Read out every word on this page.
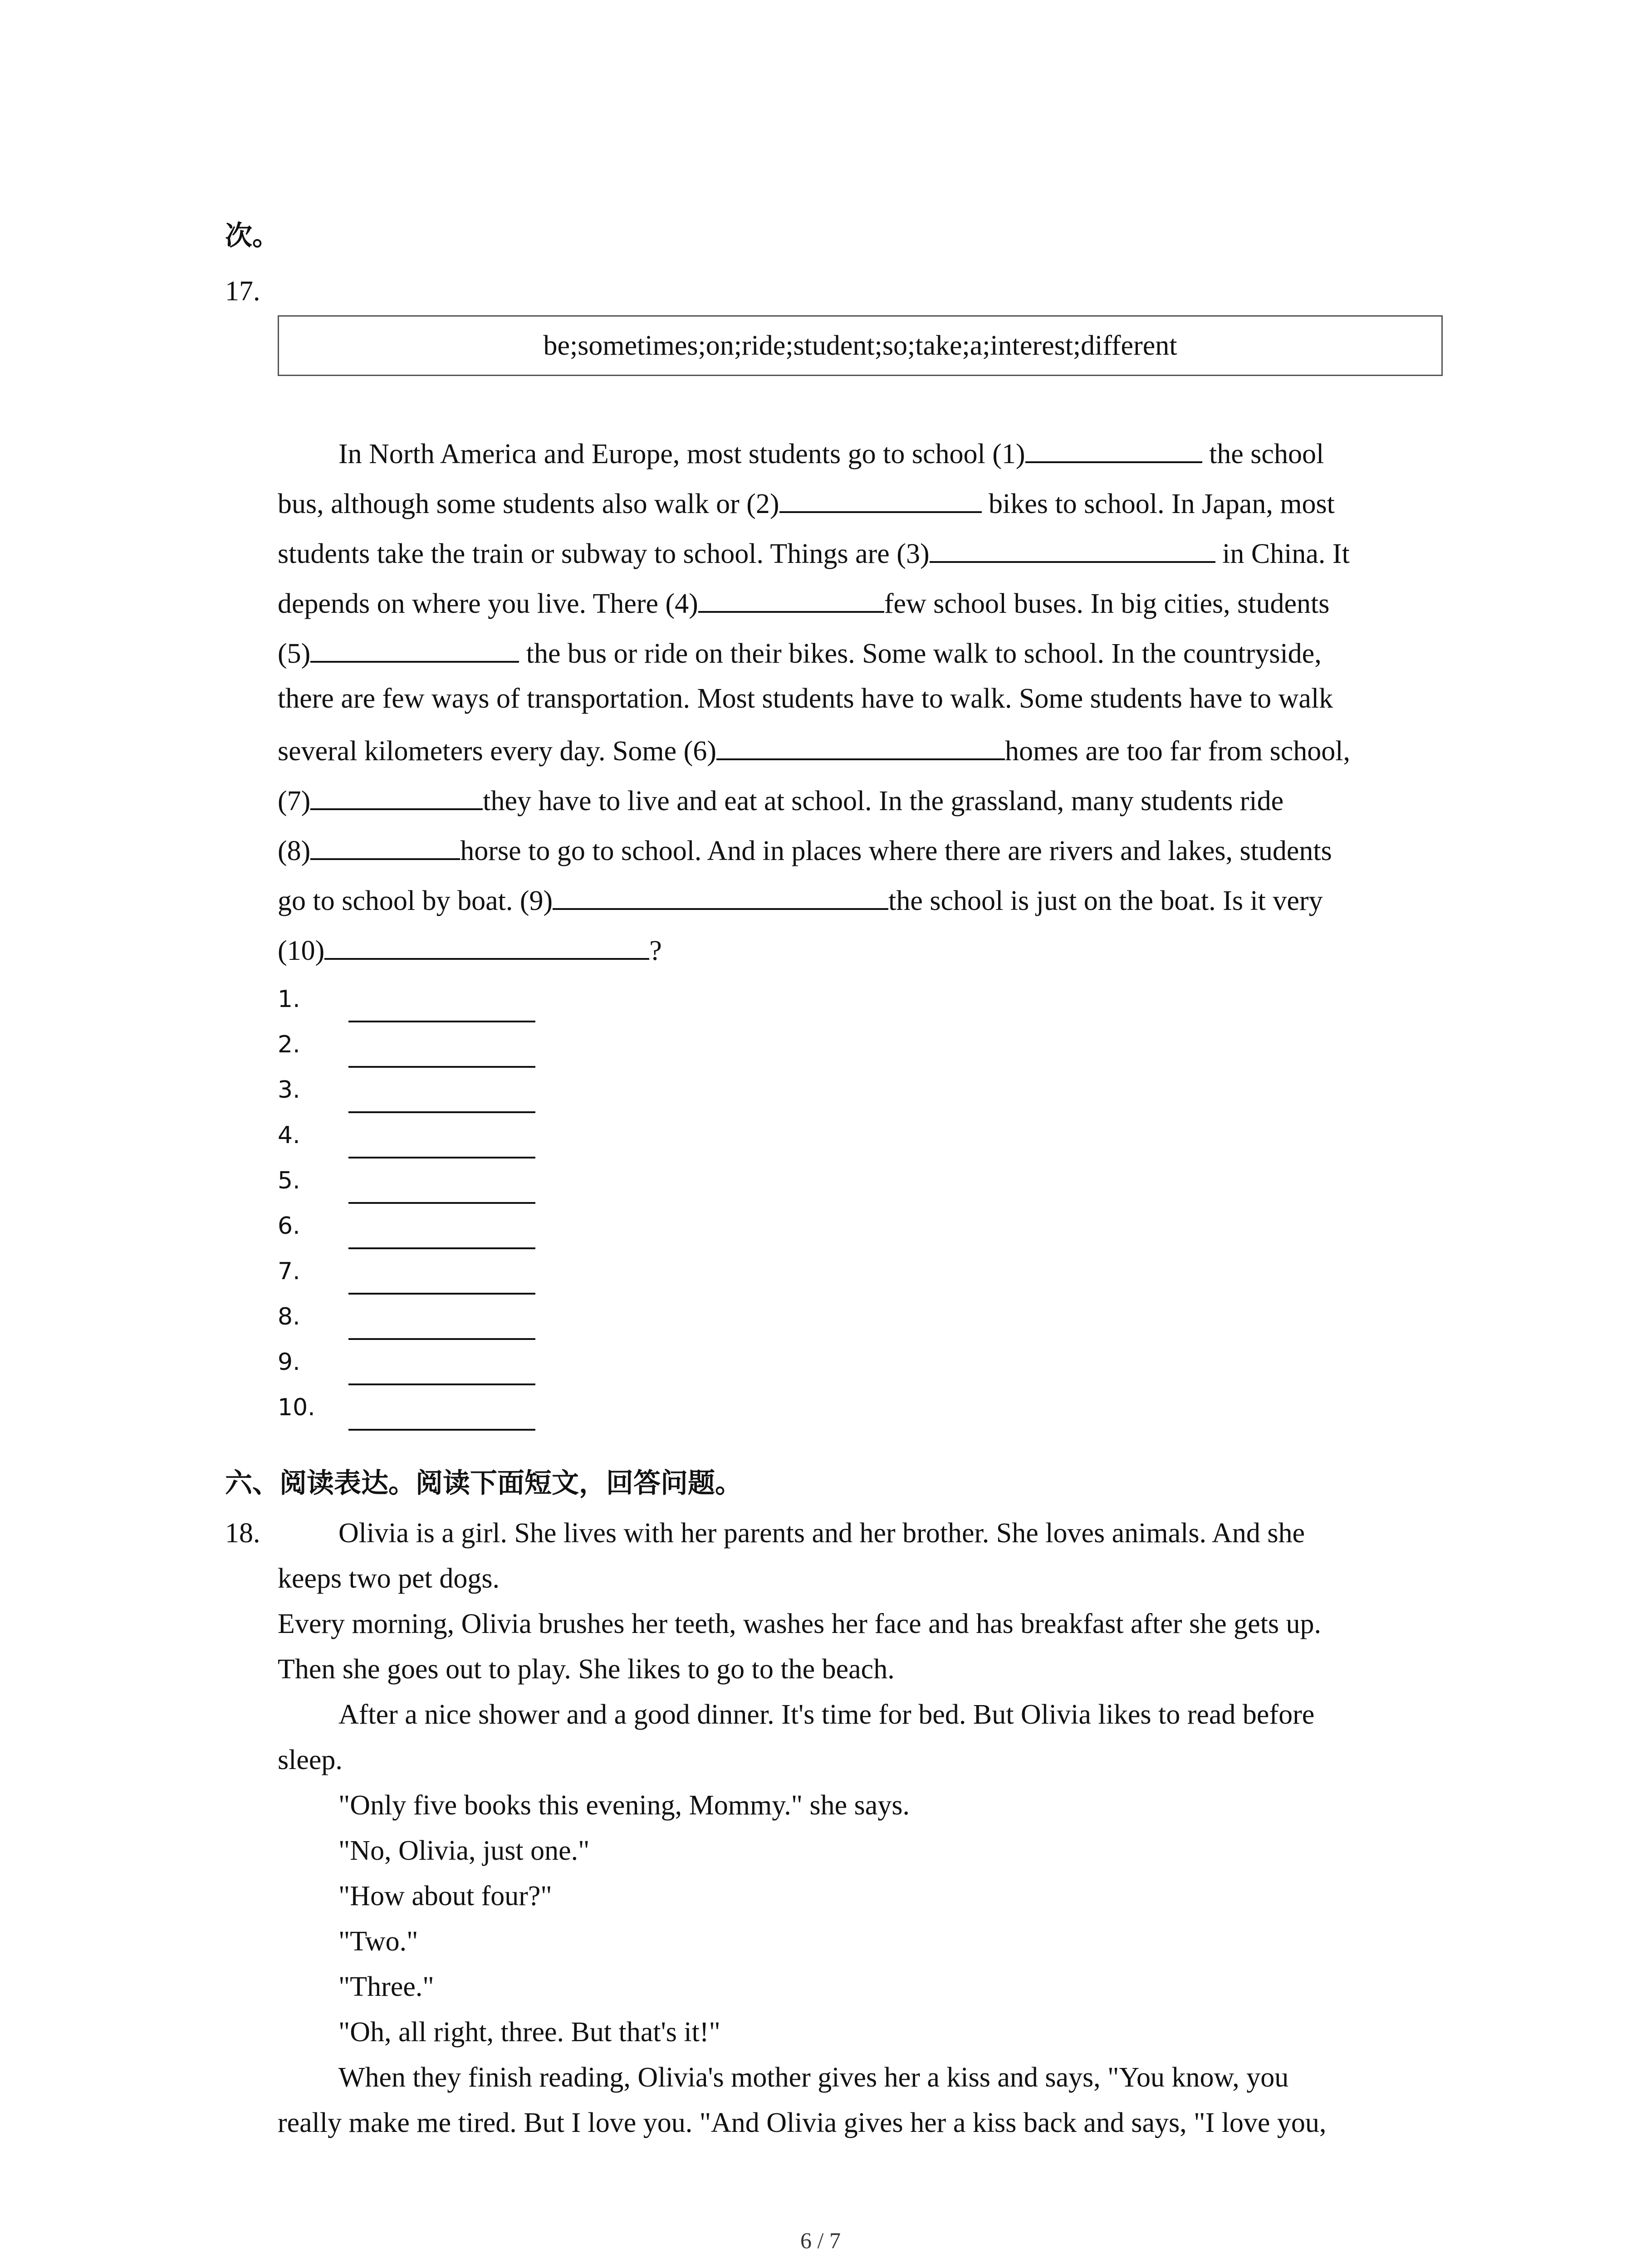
次。
17.
be;sometimes;on;ride;student;so;take;a;interest;different
In North America and Europe, most students go to school (1)	the school
bus, although some students also walk or (2)	bikes to school. In Japan, most
students take the train or subway to school. Things are (3)	in China. It
depends on where you live. There (4)	few school buses. In big cities, students
(5)	the bus or ride on their bikes. Some walk to school. In the countryside,
there are few ways of transportation. Most students have to walk. Some students have to walk
several kilometers every day. Some (6)	homes are too far from school,
(7)	they have to live and eat at school. In the grassland, many students ride
(8)	horse to go to school. And in places where there are rivers and lakes, students
go to school by boat. (9)	the school is just on the boat. Is it very
(10)	?
1.
2.
3.
4.
5.
6.
7.
8.
9.
10.
六、阅读表达。阅读下面短文，回答问题。
18.	Olivia is a girl. She lives with her parents and her brother. She loves animals. And she
keeps two pet dogs.
Every morning, Olivia brushes her teeth, washes her face and has breakfast after she gets up.
Then she goes out to play. She likes to go to the beach.
After a nice shower and a good dinner. It's time for bed. But Olivia likes to read before
sleep.
"Only five books this evening, Mommy." she says.
"No, Olivia, just one."
"How about four?"
"Two."
"Three."
"Oh, all right, three. But that's it!"
When they finish reading, Olivia's mother gives her a kiss and says, "You know, you
really make me tired. But I love you. "And Olivia gives her a kiss back and says, "I love you,
6 / 7
